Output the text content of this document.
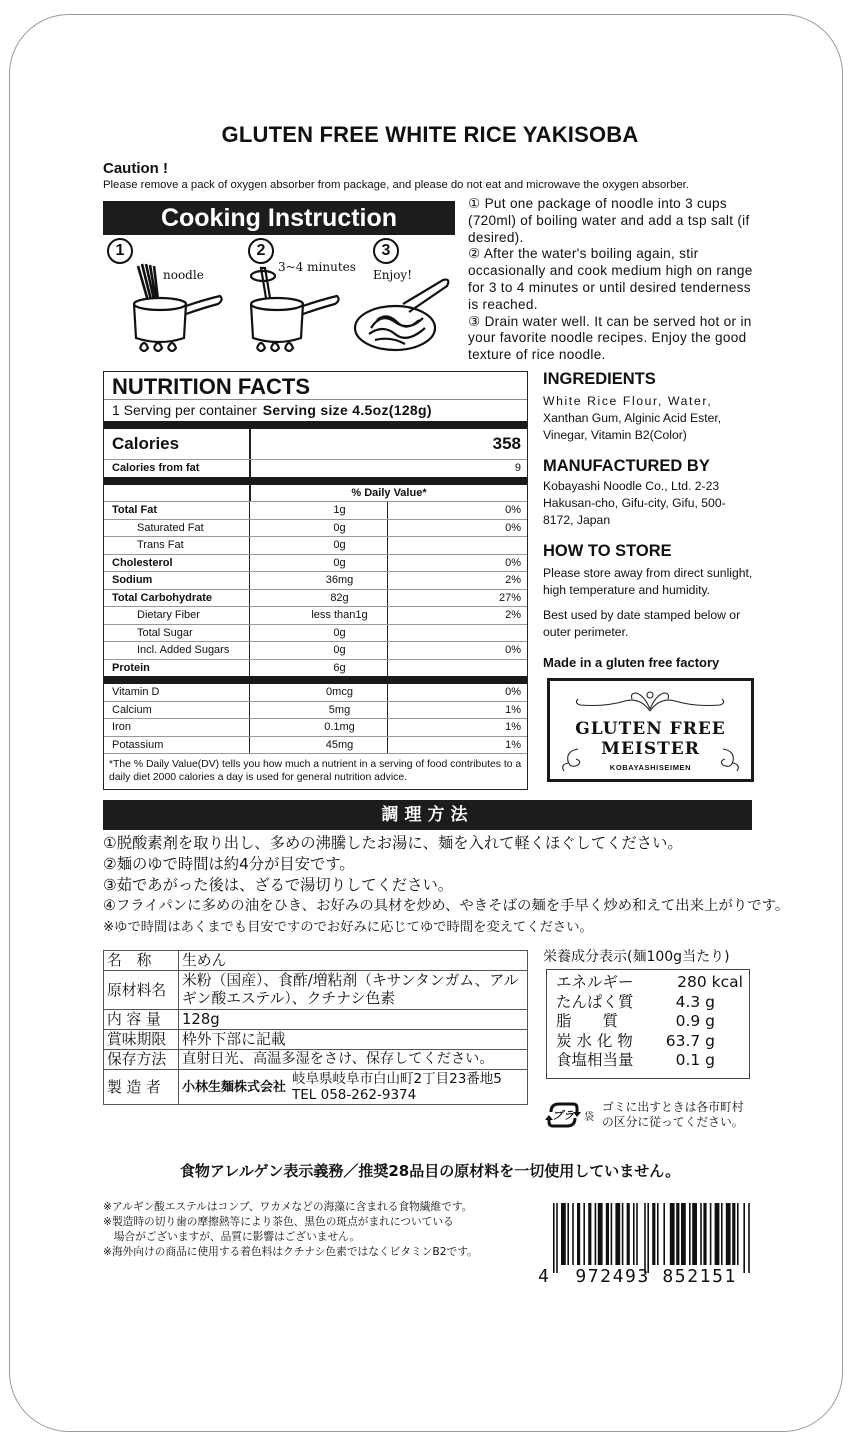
GLUTEN FREE WHITE RICE YAKISOBA
Caution !
Please remove a pack of oxygen absorber from package, and please do not eat and microwave the oxygen absorber.
Cooking Instruction
1
noodle
2
3~4 minutes
3
Enjoy!

① Put one package of noodle into 3 cups (720ml) of boiling water and add a tsp salt (if desired).

② After the water's boiling again, stir occasionally and cook medium high on range for 3 to 4 minutes or until desired tenderness is reached.

③ Drain water well. It can be served hot or in your favorite noodle recipes. Enjoy the good texture of rice noodle.

NUTRITION FACTS
1 Serving per container Serving size 4.5oz(128g)
Calories	358
Calories from fat	9
% Daily Value*
Total Fat	1g	0%
Saturated Fat	0g	0%
Trans Fat	0g
Cholesterol	0g	0%
Sodium	36mg	2%
Total Carbohydrate	82g	27%
Dietary Fiber	less than1g	2%
Total Sugar	0g
Incl. Added Sugars	0g	0%
Protein	6g
Vitamin D	0mcg	0%
Calcium	5mg	1%
Iron	0.1mg	1%
Potassium	45mg	1%
*The % Daily Value(DV) tells you how much a nutrient in a serving of food contributes to a daily diet 2000 calories a day is used for general nutrition advice.
INGREDIENTS

White Rice Flour, Water,
Xanthan Gum, Alginic Acid Ester, Vinegar, Vitamin B2(Color)

MANUFACTURED BY

Kobayashi Noodle Co., Ltd. 2-23 Hakusan-cho, Gifu-city, Gifu, 500-8172, Japan

HOW TO STORE

Please store away from direct sunlight, high temperature and humidity.

Best used by date stamped below or outer perimeter.

Made in a gluten free factory
GLUTEN FREE
MEISTER
KOBAYASHISEIMEN
調理方法

①脱酸素剤を取り出し、多めの沸騰したお湯に、麺を入れて軽くほぐしてください。

②麺のゆで時間は約4分が目安です。

③茹であがった後は、ざるで湯切りしてください。

④フライパンに多めの油をひき、お好みの具材を炒め、やきそばの麺を手早く炒め和えて出来上がりです。

※ゆで時間はあくまでも目安ですのでお好みに応じてゆで時間を変えてください。

名　称	生めん
原材料名	米粉（国産）、食酢/増粘剤（キサンタンガム、アルギン酸エステル）、クチナシ色素
内 容 量	128g
賞味期限	枠外下部に記載
保存方法	直射日光、高温多湿をさけ、保存してください。
製 造 者	小林生麺株式会社 岐阜県岐阜市白山町2丁目23番地5
TEL 058-262-9374
栄養成分表示(麺100g当たり)
エネルギー	280 kcal
たんぱく質	4.3 g
脂　　質	0.9 g
炭 水 化 物	63.7 g
食塩相当量	0.1 g
プラ 袋
ゴミに出すときは各市町村
の区分に従ってください。
食物アレルゲン表示義務／推奨28品目の原材料を一切使用していません。

※アルギン酸エステルはコンブ、ワカメなどの海藻に含まれる食物繊維です。

※製造時の切り歯の摩擦熱等により茶色、黒色の斑点がまれについている

　場合がございますが、品質に影響はございません。

※海外向けの商品に使用する着色料はクチナシ色素ではなくビタミンB2です。

4 972493 852151
